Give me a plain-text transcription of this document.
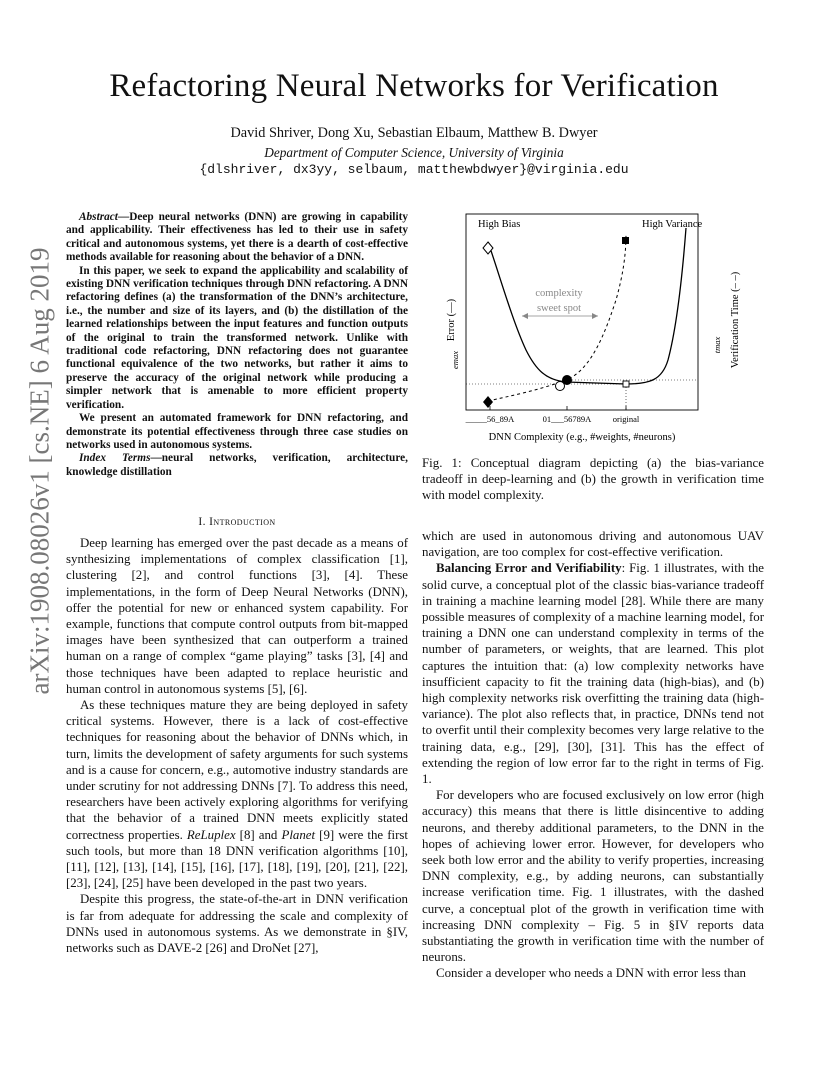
Refactoring Neural Networks for Verification
David Shriver, Dong Xu, Sebastian Elbaum, Matthew B. Dwyer
Department of Computer Science, University of Virginia
{dlshriver, dx3yy, selbaum, matthewbdwyer}@virginia.edu
arXiv:1908.08026v1 [cs.NE] 6 Aug 2019

Abstract—Deep neural networks (DNN) are growing in capability and applicability. Their effectiveness has led to their use in safety critical and autonomous systems, yet there is a dearth of cost-effective methods available for reasoning about the behavior of a DNN.

In this paper, we seek to expand the applicability and scalability of existing DNN verification techniques through DNN refactoring. A DNN refactoring defines (a) the transformation of the DNN’s architecture, i.e., the number and size of its layers, and (b) the distillation of the learned relationships between the input features and function outputs of the original to train the transformed network. Unlike with traditional code refactoring, DNN refactoring does not guarantee functional equivalence of the two networks, but rather it aims to preserve the accuracy of the original network while producing a simpler network that is amenable to more efficient property verification.

We present an automated framework for DNN refactoring, and demonstrate its potential effectiveness through three case studies on networks used in autonomous systems.

Index Terms—neural networks, verification, architecture, knowledge distillation

I. Introduction

Deep learning has emerged over the past decade as a means of synthesizing implementations of complex classification [1], clustering [2], and control functions [3], [4]. These implementations, in the form of Deep Neural Networks (DNN), offer the potential for new or enhanced system capability. For example, functions that compute control outputs from bit-mapped images have been synthesized that can outperform a trained human on a range of complex “game playing” tasks [3], [4] and those techniques have been adapted to replace heuristic and human control in autonomous systems [5], [6].

As these techniques mature they are being deployed in safety critical systems. However, there is a lack of cost-effective techniques for reasoning about the behavior of DNNs which, in turn, limits the development of safety arguments for such systems and is a cause for concern, e.g., automotive industry standards are under scrutiny for not addressing DNNs [7]. To address this need, researchers have been actively exploring algorithms for verifying that the behavior of a trained DNN meets explicitly stated correctness properties. ReLuplex [8] and Planet [9] were the first such tools, but more than 18 DNN verification algorithms [10], [11], [12], [13], [14], [15], [16], [17], [18], [19], [20], [21], [22], [23], [24], [25] have been developed in the past two years.

Despite this progress, the state-of-the-art in DNN verification is far from adequate for addressing the scale and complexity of DNNs used in autonomous systems. As we demonstrate in §IV, networks such as DAVE-2 [26] and DroNet [27],

High Bias	High Variance
complexity
sweet spot
Error (—)	Verification Time (– –)
emax
tmax
_____56_89A	01___56789A	original
DNN Complexity (e.g., #weights, #neurons)
Fig. 1: Conceptual diagram depicting (a) the bias-variance tradeoff in deep-learning and (b) the growth in verification time with model complexity.

which are used in autonomous driving and autonomous UAV navigation, are too complex for cost-effective verification.

Balancing Error and Verifiability: Fig. 1 illustrates, with the solid curve, a conceptual plot of the classic bias-variance tradeoff in training a machine learning model [28]. While there are many possible measures of complexity of a machine learning model, for training a DNN one can understand complexity in terms of the number of parameters, or weights, that are learned. This plot captures the intuition that: (a) low complexity networks have insufficient capacity to fit the training data (high-bias), and (b) high complexity networks risk overfitting the training data (high-variance). The plot also reflects that, in practice, DNNs tend not to overfit until their complexity becomes very large relative to the training data, e.g., [29], [30], [31]. This has the effect of extending the region of low error far to the right in terms of Fig. 1.

For developers who are focused exclusively on low error (high accuracy) this means that there is little disincentive to adding neurons, and thereby additional parameters, to the DNN in the hopes of achieving lower error. However, for developers who seek both low error and the ability to verify properties, increasing DNN complexity, e.g., by adding neurons, can substantially increase verification time. Fig. 1 illustrates, with the dashed curve, a conceptual plot of the growth in verification time with increasing DNN complexity – Fig. 5 in §IV reports data substantiating the growth in verification time with the number of neurons.

Consider a developer who needs a DNN with error less than
